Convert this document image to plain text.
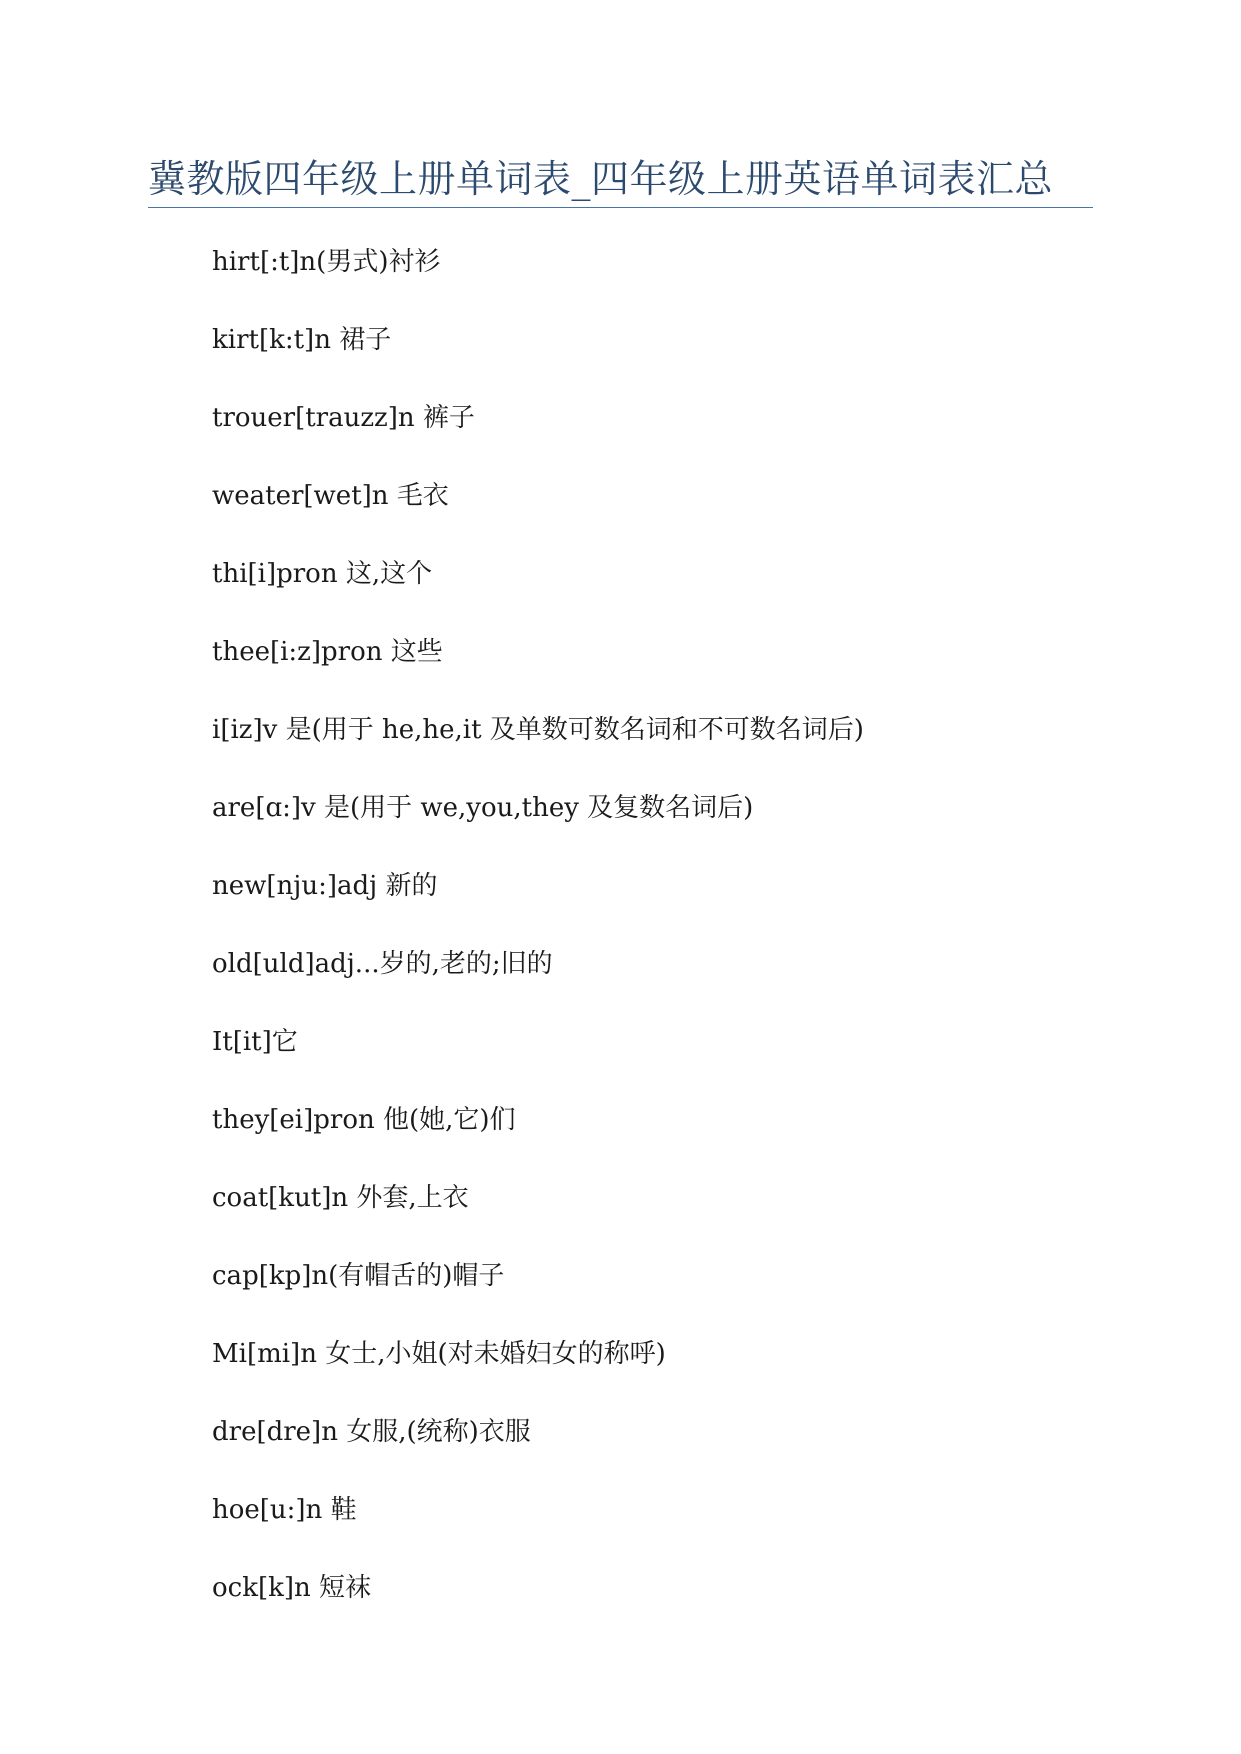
冀教版四年级上册单词表_四年级上册英语单词表汇总
hirt[:t]n(男式)衬衫
kirt[k:t]n 裙子
trouer[trauzz]n 裤子
weater[wet]n 毛衣
thi[i]pron 这,这个
thee[i:z]pron 这些
i[iz]v 是(用于 he,he,it 及单数可数名词和不可数名词后)
are[ɑ:]v 是(用于 we,you,they 及复数名词后)
new[nju:]adj 新的
old[uld]adj...岁的,老的;旧的
It[it]它
they[ei]pron 他(她,它)们
coat[kut]n 外套,上衣
cap[kp]n(有帽舌的)帽子
Mi[mi]n 女士,小姐(对未婚妇女的称呼)
dre[dre]n 女服,(统称)衣服
hoe[u:]n 鞋
ock[k]n 短袜
